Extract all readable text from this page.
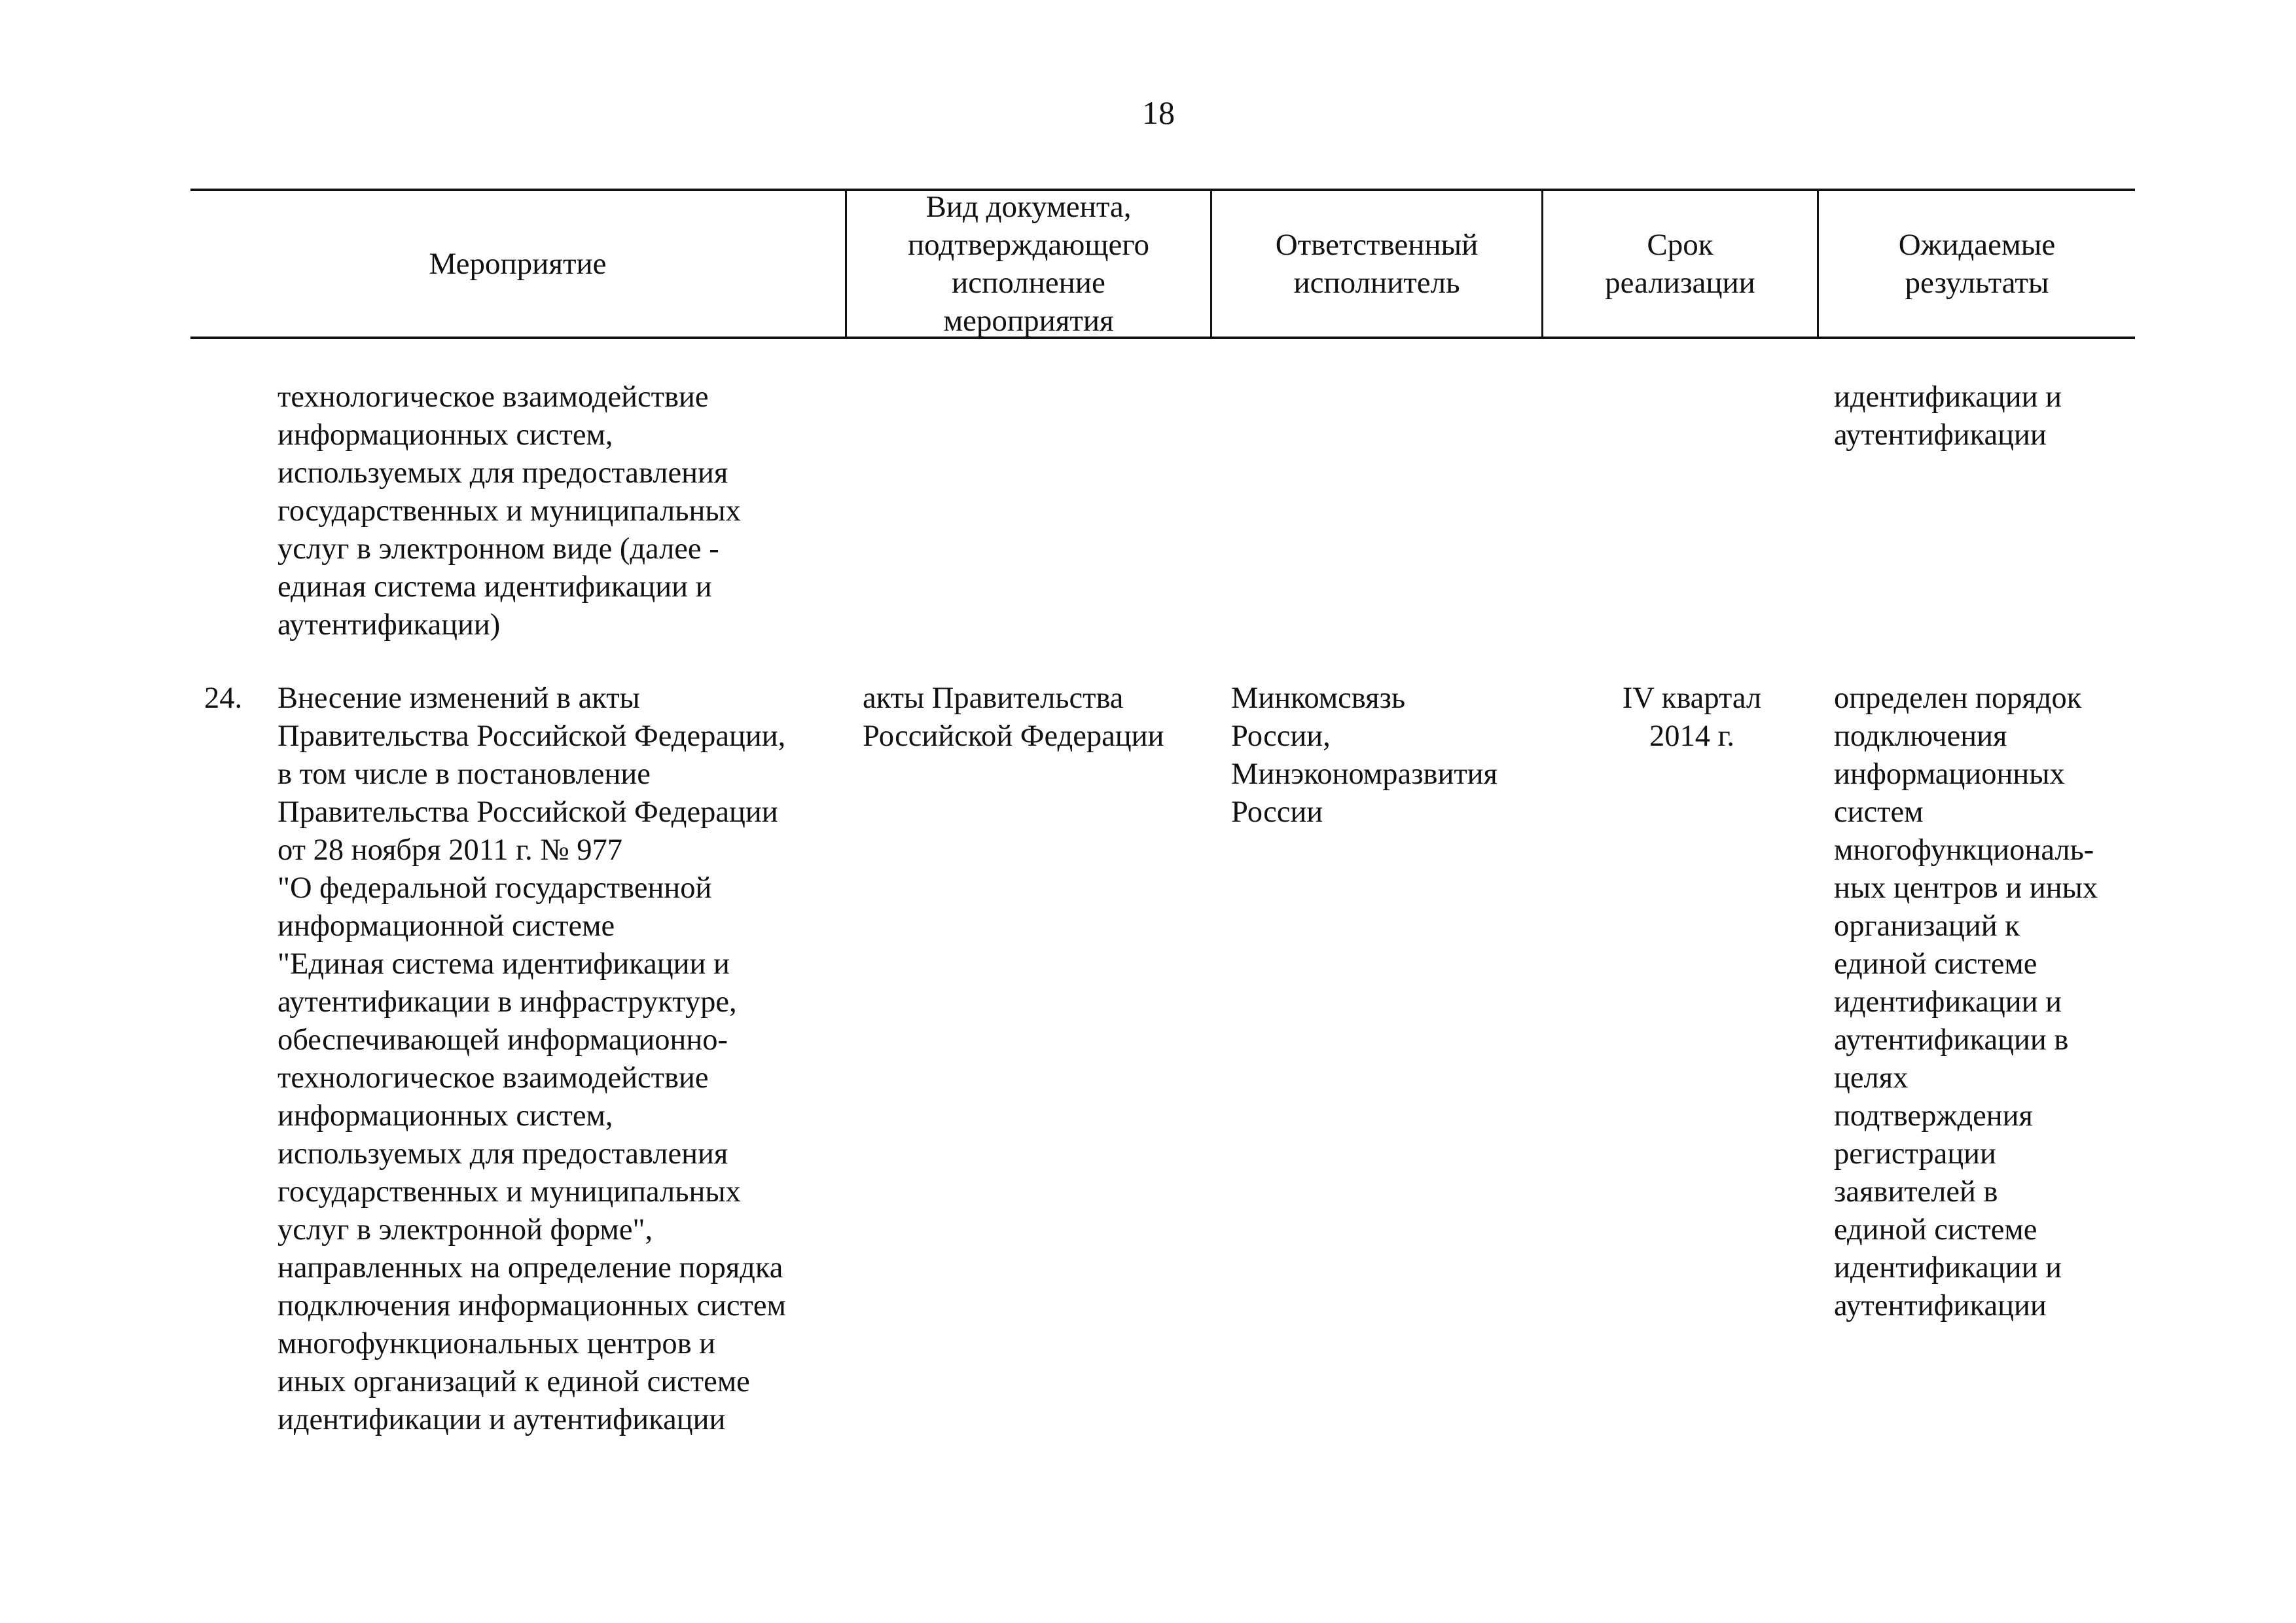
18
Мероприятие
Вид документа,
подтверждающего
исполнение
мероприятия
Ответственный
исполнитель
Срок
реализации
Ожидаемые
результаты
технологическое взаимодействие
информационных систем,
используемых для предоставления
государственных и муниципальных
услуг в электронном виде (далее -
единая система идентификации и
аутентификации)
идентификации и
аутентификации
24. Внесение изменений в акты
Правительства Российской Федерации,
в том числе в постановление
Правительства Российской Федерации
от 28 ноября 2011 г. № 977
"О федеральной государственной
информационной системе
"Единая система идентификации и
аутентификации в инфраструктуре,
обеспечивающей информационно-
технологическое взаимодействие
информационных систем,
используемых для предоставления
государственных и муниципальных
услуг в электронной форме",
направленных на определение порядка
подключения информационных систем
многофункциональных центров и
иных организаций к единой системе
идентификации и аутентификации
акты Правительства
Российской Федерации
Минкомсвязь
России,
Минэкономразвития
России
IV квартал
2014 г.
определен порядок
подключения
информационных
систем
многофункциональ-
ных центров и иных
организаций к
единой системе
идентификации и
аутентификации в
целях
подтверждения
регистрации
заявителей в
единой системе
идентификации и
аутентификации
